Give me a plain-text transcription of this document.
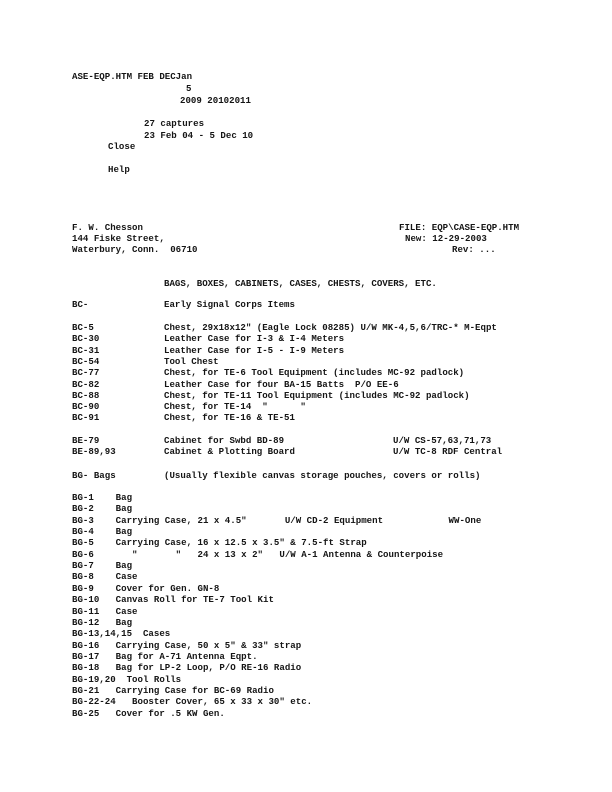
ASE-EQP.HTM FEB DECJan
5
2009 20102011
27 captures
23 Feb 04 - 5 Dec 10
Close
Help
F. W. Chesson
144 Fiske Street,
Waterbury, Conn.  06710
FILE: EQP\CASE-EQP.HTM
New: 12-29-2003
Rev: ...
BAGS, BOXES, CABINETS, CASES, CHESTS, COVERS, ETC.
BC-	Early Signal Corps Items
BC-5	Chest, 29x18x12" (Eagle Lock 08285) U/W MK-4,5,6/TRC-* M-Eqpt
BC-30	Leather Case for I-3 & I-4 Meters
BC-31	Leather Case for I-5 - I-9 Meters
BC-54	Tool Chest
BC-77	Chest, for TE-6 Tool Equipment (includes MC-92 padlock)
BC-82	Leather Case for four BA-15 Batts  P/O EE-6
BC-88	Chest, for TE-11 Tool Equipment (includes MC-92 padlock)
BC-90	Chest, for TE-14  "      "
BC-91	Chest, for TE-16 & TE-51
BE-79	Cabinet for Swbd BD-89	U/W CS-57,63,71,73
BE-89,93	Cabinet & Plotting Board	U/W TC-8 RDF Central
BG- Bags	(Usually flexible canvas storage pouches, covers or rolls)
BG-1    Bag
BG-2    Bag
BG-3    Carrying Case, 21 x 4.5"       U/W CD-2 Equipment            WW-One
BG-4    Bag
BG-5    Carrying Case, 16 x 12.5 x 3.5" & 7.5-ft Strap
BG-6       "       "   24 x 13 x 2"   U/W A-1 Antenna & Counterpoise
BG-7    Bag
BG-8    Case
BG-9    Cover for Gen. GN-8
BG-10   Canvas Roll for TE-7 Tool Kit
BG-11   Case
BG-12   Bag
BG-13,14,15  Cases
BG-16   Carrying Case, 50 x 5" & 33" strap
BG-17   Bag for A-71 Antenna Eqpt.
BG-18   Bag for LP-2 Loop, P/O RE-16 Radio
BG-19,20  Tool Rolls
BG-21   Carrying Case for BC-69 Radio
BG-22-24   Booster Cover, 65 x 33 x 30" etc.
BG-25   Cover for .5 KW Gen.
